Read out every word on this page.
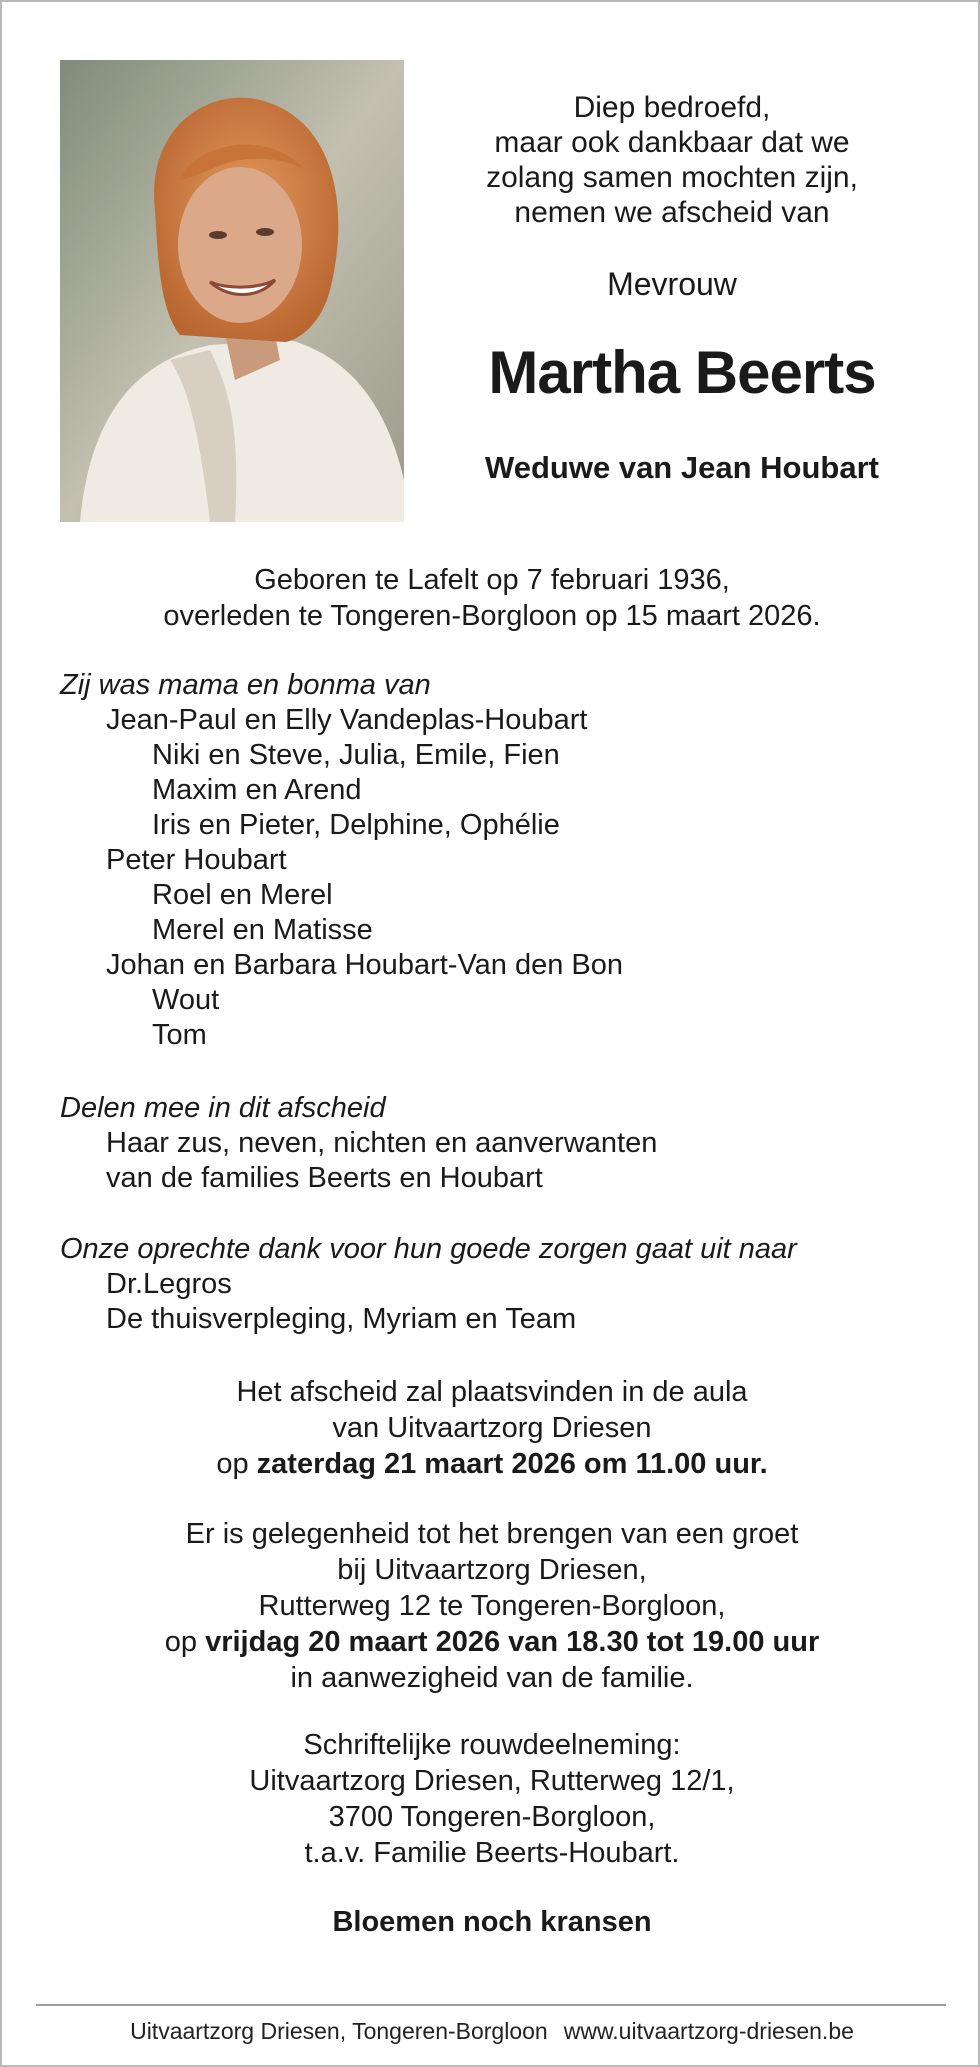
Diep bedroefd,
maar ook dankbaar dat we
zolang samen mochten zijn,
nemen we afscheid van
Mevrouw
Martha Beerts
Weduwe van Jean Houbart
Geboren te Lafelt op 7 februari 1936,
overleden te Tongeren-Borgloon op 15 maart 2026.
Zij was mama en bonma van
Jean-Paul en Elly Vandeplas-Houbart
Niki en Steve, Julia, Emile, Fien
Maxim en Arend
Iris en Pieter, Delphine, Ophélie
Peter Houbart
Roel en Merel
Merel en Matisse
Johan en Barbara Houbart-Van den Bon
Wout
Tom
Delen mee in dit afscheid
Haar zus, neven, nichten en aanverwanten
van de families Beerts en Houbart
Onze oprechte dank voor hun goede zorgen gaat uit naar
Dr.Legros
De thuisverpleging, Myriam en Team
Het afscheid zal plaatsvinden in de aula
van Uitvaartzorg Driesen
op zaterdag 21 maart 2026 om 11.00 uur.
Er is gelegenheid tot het brengen van een groet
bij Uitvaartzorg Driesen,
Rutterweg 12 te Tongeren-Borgloon,
op vrijdag 20 maart 2026 van 18.30 tot 19.00 uur
in aanwezigheid van de familie.
Schriftelijke rouwdeelneming:
Uitvaartzorg Driesen, Rutterweg 12/1,
3700 Tongeren-Borgloon,
t.a.v. Familie Beerts-Houbart.
Bloemen noch kransen
Uitvaartzorg Driesen, Tongeren-Borgloon www.uitvaartzorg-driesen.be
